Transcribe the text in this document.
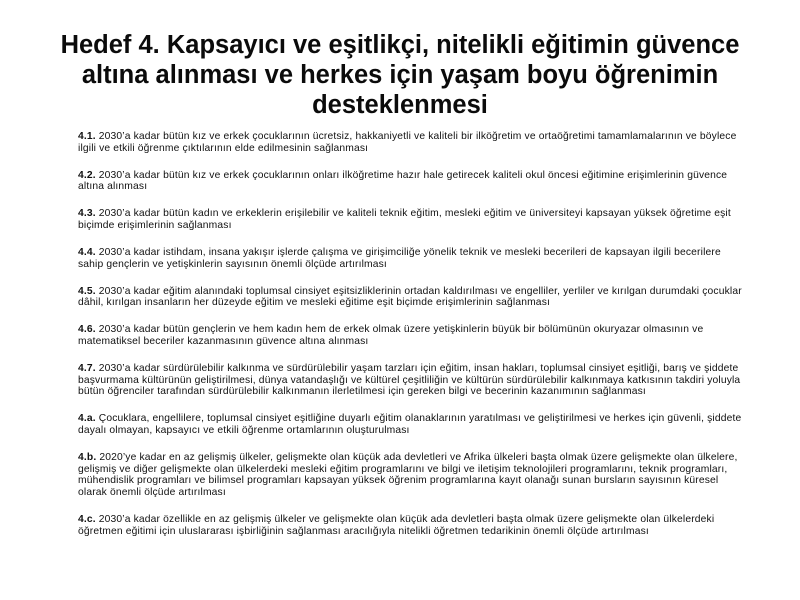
Hedef 4. Kapsayıcı ve eşitlikçi, nitelikli eğitimin güvence altına alınması ve herkes için yaşam boyu öğrenimin desteklenmesi
4.1. 2030’a kadar bütün kız ve erkek çocuklarının ücretsiz, hakkaniyetli ve kaliteli bir ilköğretim ve ortaöğretimi tamamlamalarının ve böylece ilgili ve etkili öğrenme çıktılarının elde edilmesinin sağlanması
4.2. 2030’a kadar bütün kız ve erkek çocuklarının onları ilköğretime hazır hale getirecek kaliteli okul öncesi eğitimine erişimlerinin güvence altına alınması
4.3. 2030’a kadar bütün kadın ve erkeklerin erişilebilir ve kaliteli teknik eğitim, mesleki eğitim ve üniversiteyi kapsayan yüksek öğretime eşit biçimde erişimlerinin sağlanması
4.4. 2030’a kadar istihdam, insana yakışır işlerde çalışma ve girişimciliğe yönelik teknik ve mesleki becerileri de kapsayan ilgili becerilere sahip gençlerin ve yetişkinlerin sayısının önemli ölçüde artırılması
4.5. 2030’a kadar eğitim alanındaki toplumsal cinsiyet eşitsizliklerinin ortadan kaldırılması ve engelliler, yerliler ve kırılgan durumdaki çocuklar dâhil, kırılgan insanların her düzeyde eğitim ve mesleki eğitime eşit biçimde erişimlerinin sağlanması
4.6. 2030’a kadar bütün gençlerin ve hem kadın hem de erkek olmak üzere yetişkinlerin büyük bir bölümünün okuryazar olmasının ve matematiksel beceriler kazanmasının güvence altına alınması
4.7. 2030’a kadar sürdürülebilir kalkınma ve sürdürülebilir yaşam tarzları için eğitim, insan hakları, toplumsal cinsiyet eşitliği, barış ve şiddete başvurmama kültürünün geliştirilmesi, dünya vatandaşlığı ve kültürel çeşitliliğin ve kültürün sürdürülebilir kalkınmaya katkısının takdiri yoluyla bütün öğrenciler tarafından sürdürülebilir kalkınmanın ilerletilmesi için gereken bilgi ve becerinin kazanımının sağlanması
4.a. Çocuklara, engellilere, toplumsal cinsiyet eşitliğine duyarlı eğitim olanaklarının yaratılması ve geliştirilmesi ve herkes için güvenli, şiddete dayalı olmayan, kapsayıcı ve etkili öğrenme ortamlarının oluşturulması
4.b. 2020’ye kadar en az gelişmiş ülkeler, gelişmekte olan küçük ada devletleri ve Afrika ülkeleri başta olmak üzere gelişmekte olan ülkelere, gelişmiş ve diğer gelişmekte olan ülkelerdeki mesleki eğitim programlarını ve bilgi ve iletişim teknolojileri programlarını, teknik programları, mühendislik programları ve bilimsel programları kapsayan yüksek öğrenim programlarına kayıt olanağı sunan bursların sayısının küresel olarak önemli ölçüde artırılması
4.c. 2030’a kadar özellikle en az gelişmiş ülkeler ve gelişmekte olan küçük ada devletleri başta olmak üzere gelişmekte olan ülkelerdeki öğretmen eğitimi için uluslararası işbirliğinin sağlanması aracılığıyla nitelikli öğretmen tedarikinin önemli ölçüde artırılması
